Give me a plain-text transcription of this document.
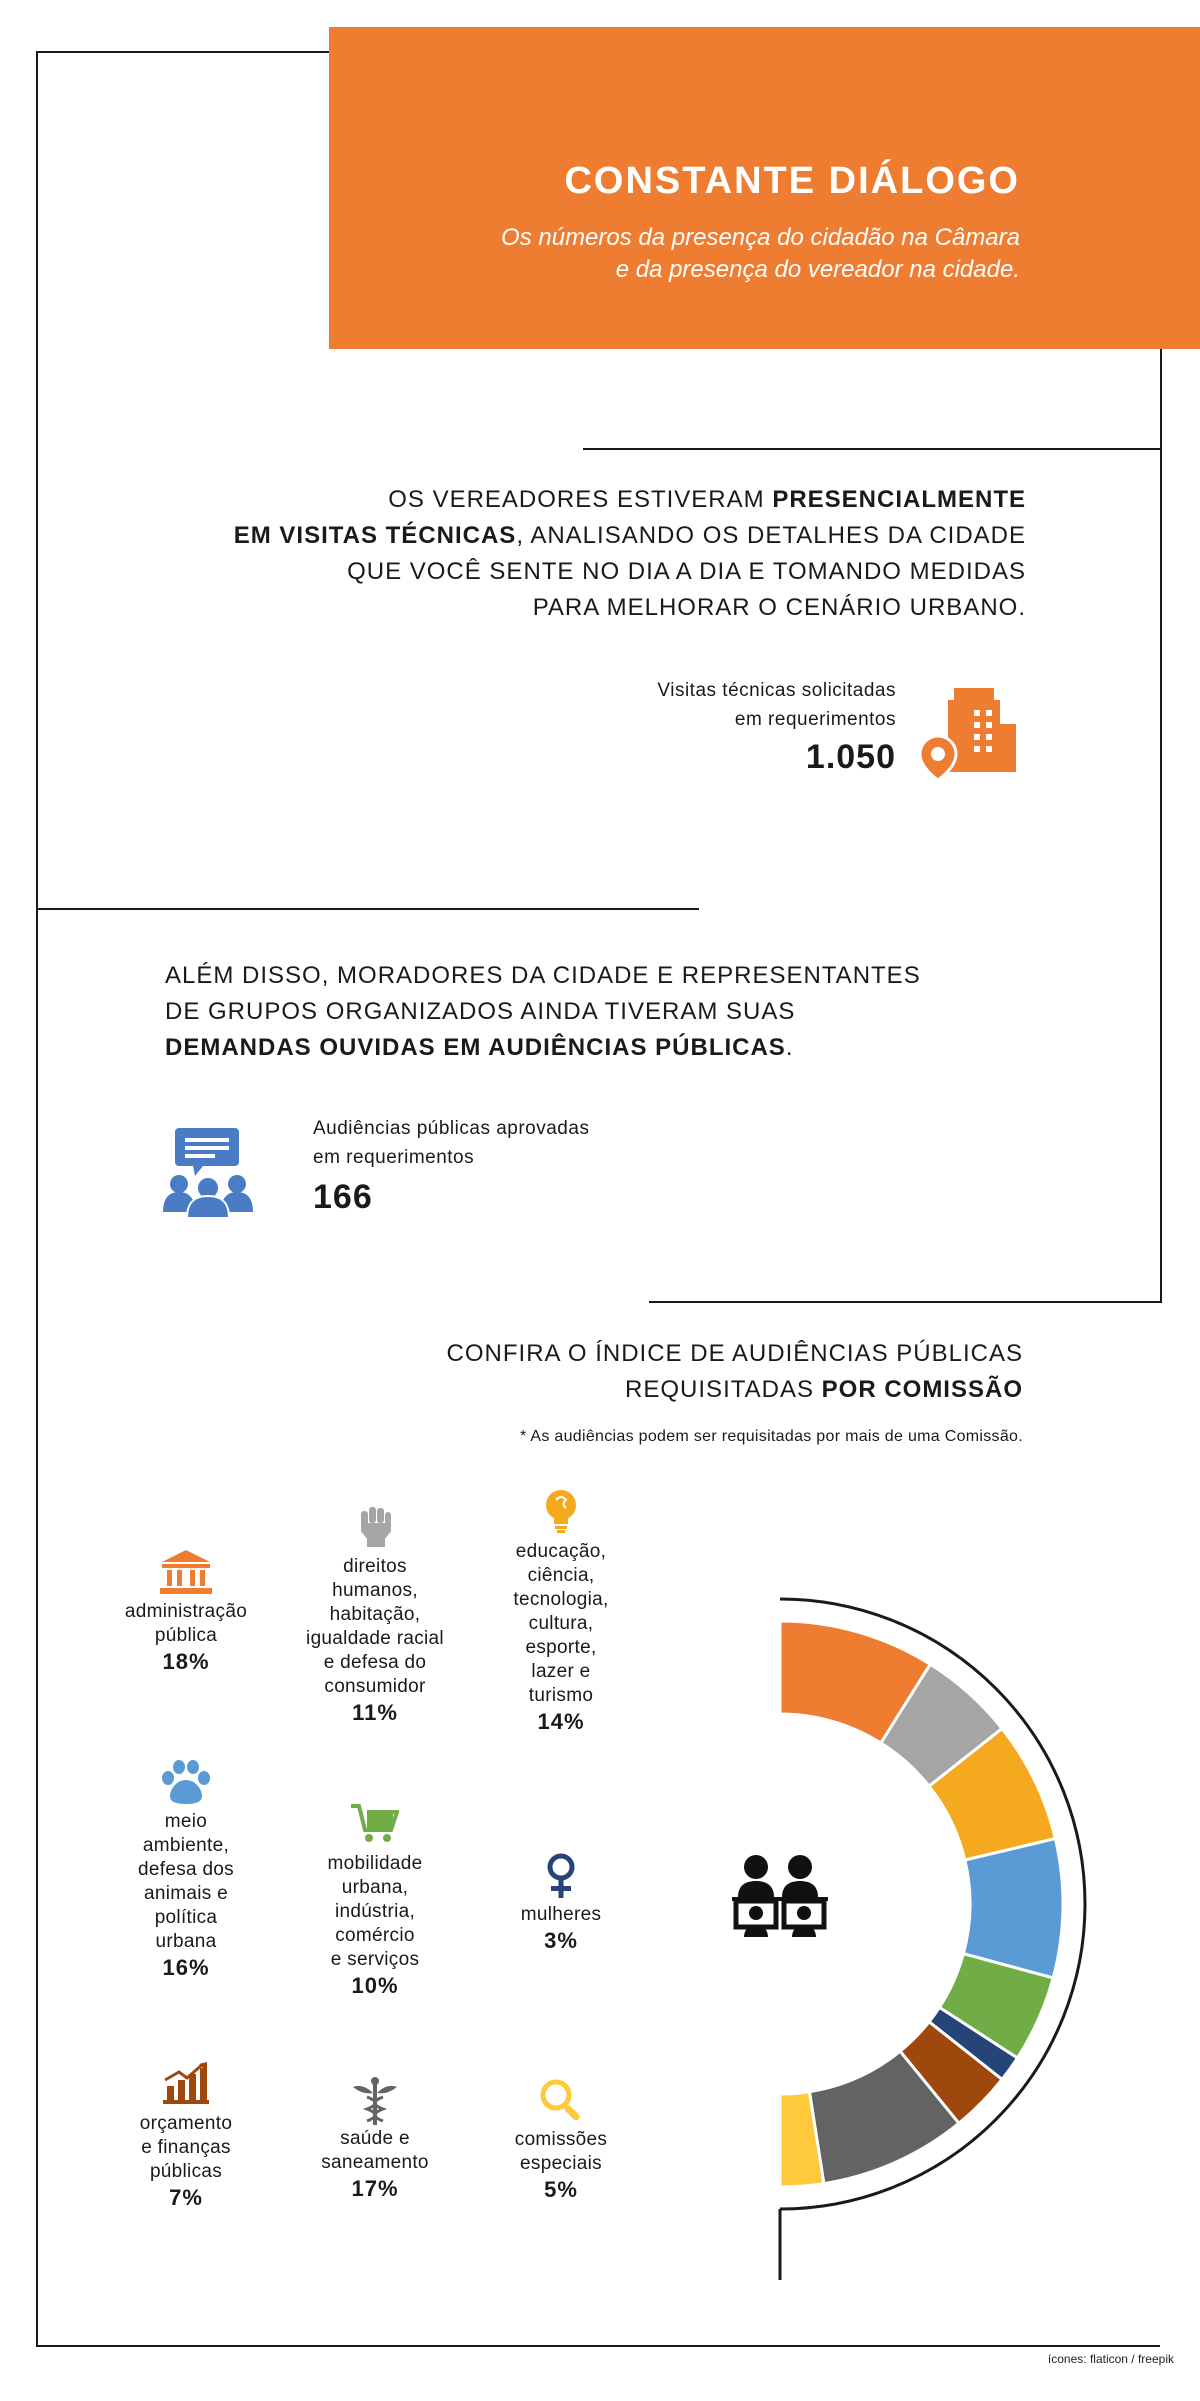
CONSTANTE DIÁLOGO
Os números da presença do cidadão na Câmara
e da presença do vereador na cidade.
OS VEREADORES ESTIVERAM PRESENCIALMENTE
EM VISITAS TÉCNICAS, ANALISANDO OS DETALHES DA CIDADE
QUE VOCÊ SENTE NO DIA A DIA E TOMANDO MEDIDAS
PARA MELHORAR O CENÁRIO URBANO.
Visitas técnicas solicitadas
em requerimentos
1.050
ALÉM DISSO, MORADORES DA CIDADE E REPRESENTANTES
DE GRUPOS ORGANIZADOS AINDA TIVERAM SUAS
DEMANDAS OUVIDAS EM AUDIÊNCIAS PÚBLICAS.
Audiências públicas aprovadas
em requerimentos
166
CONFIRA O ÍNDICE DE AUDIÊNCIAS PÚBLICAS
REQUISITADAS POR COMISSÃO
* As audiências podem ser requisitadas por mais de uma Comissão.
administração
pública
18%
direitos
humanos,
habitação,
igualdade racial
e defesa do
consumidor
11%
educação,
ciência,
tecnologia,
cultura,
esporte,
lazer e
turismo
14%
meio
ambiente,
defesa dos
animais e
política
urbana
16%
mobilidade
urbana,
indústria,
comércio
e serviços
10%
mulheres
3%
orçamento
e finanças
públicas
7%
saúde e
saneamento
17%
comissões
especiais
5%
ícones: flaticon / freepik
